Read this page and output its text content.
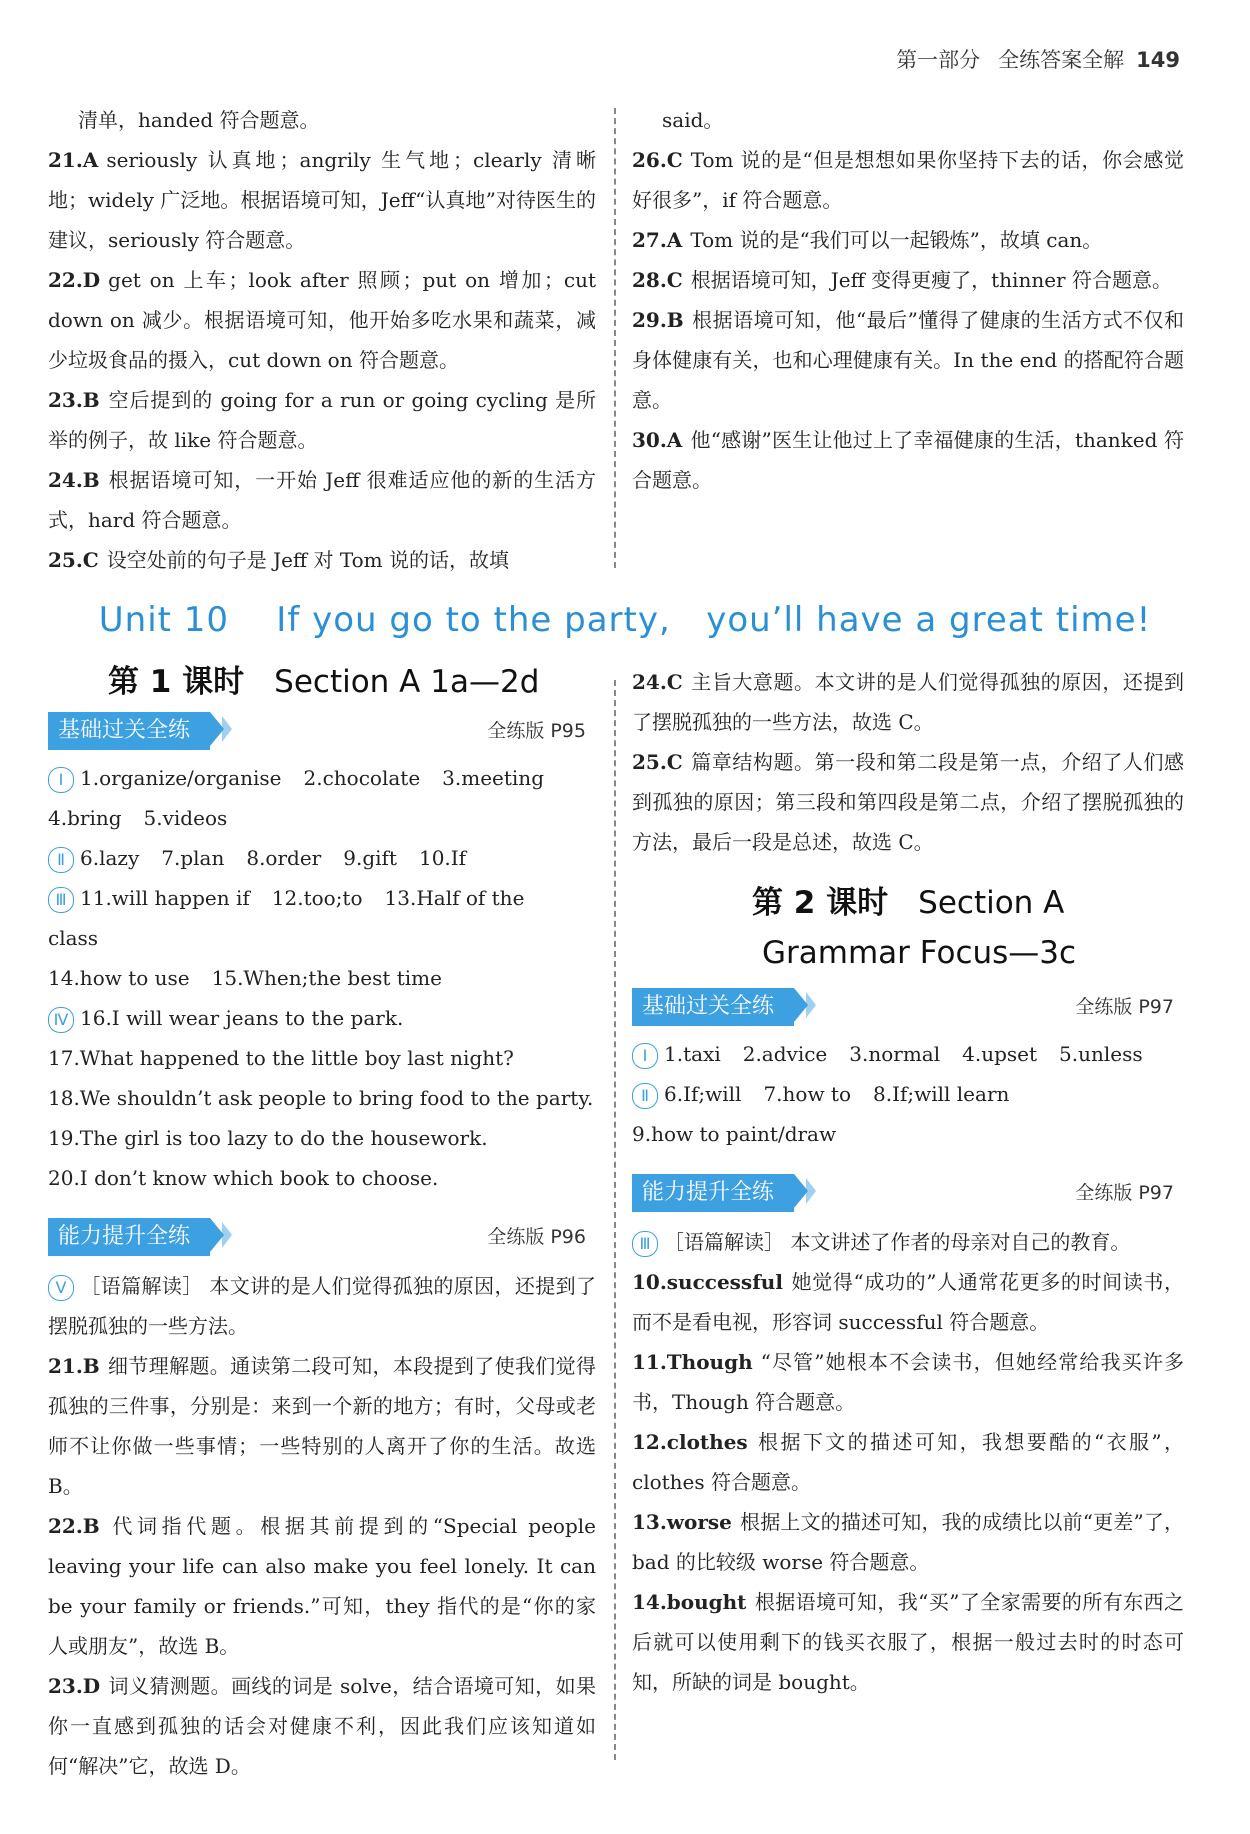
第一部分 全练答案全解 149

清单，handed 符合题意。

21.A seriously 认真地；angrily 生气地；clearly 清晰地；widely 广泛地。根据语境可知，Jeff“认真地”对待医生的建议，seriously 符合题意。

22.D get on 上车；look after 照顾；put on 增加；cut down on 减少。根据语境可知，他开始多吃水果和蔬菜，减少垃圾食品的摄入，cut down on 符合题意。

23.B 空后提到的 going for a run or going cycling 是所举的例子，故 like 符合题意。

24.B 根据语境可知，一开始 Jeff 很难适应他的新的生活方式，hard 符合题意。

25.C 设空处前的句子是 Jeff 对 Tom 说的话，故填

said。

26.C Tom 说的是“但是想想如果你坚持下去的话，你会感觉好很多”，if 符合题意。

27.A Tom 说的是“我们可以一起锻炼”，故填 can。

28.C 根据语境可知，Jeff 变得更瘦了，thinner 符合题意。

29.B 根据语境可知，他“最后”懂得了健康的生活方式不仅和身体健康有关，也和心理健康有关。In the end 的搭配符合题意。

30.A 他“感谢”医生让他过上了幸福健康的生活，thanked 符合题意。

Unit 10    If you go to the party,   you’ll have a great time!
第 1 课时 Section A 1a—2d
基础过关全练	全练版 P95
Ⅰ 1.organize/organise 2.chocolate 3.meeting
4.bring 5.videos
Ⅱ 6.lazy 7.plan 8.order 9.gift 10.If
Ⅲ 11.will happen if 12.too;to 13.Half of the class
14.how to use 15.When;the best time
Ⅳ 16.I will wear jeans to the park.
17.What happened to the little boy last night?
18.We shouldn’t ask people to bring food to the party.
19.The girl is too lazy to do the housework.
20.I don’t know which book to choose.
能力提升全练	全练版 P96

Ⅴ ［语篇解读］ 本文讲的是人们觉得孤独的原因，还提到了摆脱孤独的一些方法。

21.B 细节理解题。通读第二段可知，本段提到了使我们觉得孤独的三件事，分别是：来到一个新的地方；有时，父母或老师不让你做一些事情；一些特别的人离开了你的生活。故选 B。

22.B 代词指代题。根据其前提到的“Special people leaving your life can also make you feel lonely. It can be your family or friends.”可知，they 指代的是“你的家人或朋友”，故选 B。

23.D 词义猜测题。画线的词是 solve，结合语境可知，如果你一直感到孤独的话会对健康不利，因此我们应该知道如何“解决”它，故选 D。

24.C 主旨大意题。本文讲的是人们觉得孤独的原因，还提到了摆脱孤独的一些方法，故选 C。

25.C 篇章结构题。第一段和第二段是第一点，介绍了人们感到孤独的原因；第三段和第四段是第二点，介绍了摆脱孤独的方法，最后一段是总述，故选 C。

第 2 课时 Section A
Grammar Focus—3c
基础过关全练	全练版 P97
Ⅰ 1.taxi 2.advice 3.normal 4.upset 5.unless
Ⅱ 6.If;will 7.how to 8.If;will learn
9.how to paint/draw
能力提升全练	全练版 P97

Ⅲ ［语篇解读］ 本文讲述了作者的母亲对自己的教育。

10.successful 她觉得“成功的”人通常花更多的时间读书，而不是看电视，形容词 successful 符合题意。

11.Though “尽管”她根本不会读书，但她经常给我买许多书，Though 符合题意。

12.clothes 根据下文的描述可知，我想要酷的“衣服”，clothes 符合题意。

13.worse 根据上文的描述可知，我的成绩比以前“更差”了，bad 的比较级 worse 符合题意。

14.bought 根据语境可知，我“买”了全家需要的所有东西之后就可以使用剩下的钱买衣服了，根据一般过去时的时态可知，所缺的词是 bought。
